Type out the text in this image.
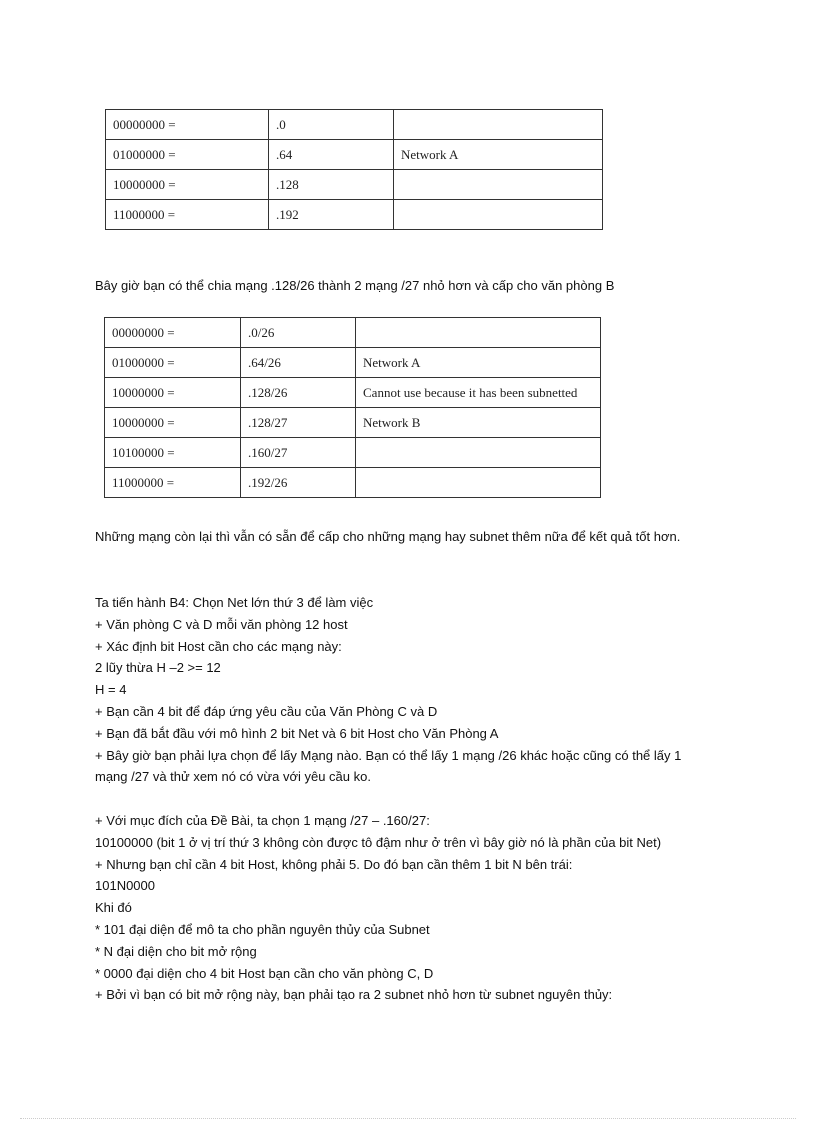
00000000 =	.0	
01000000 =	.64	Network A
10000000 =	.128	
11000000 =	.192	
Bây giờ bạn có thể chia mạng .128/26 thành 2 mạng /27 nhỏ hơn và cấp cho văn phòng B
00000000 =	.0/26	
01000000 =	.64/26	Network A
10000000 =	.128/26	Cannot use because it has been subnetted
10000000 =	.128/27	Network B
10100000 =	.160/27	
11000000 =	.192/26	
Những mạng còn lại thì vẫn có sẵn để cấp cho những mạng hay subnet thêm nữa để kết quả tốt hơn.
Ta tiến hành B4: Chọn Net lớn thứ 3 để làm việc
+ Văn phòng C và D mỗi văn phòng 12 host
+ Xác định bit Host cần cho các mạng này:
2 lũy thừa H –2 >= 12
H = 4
+ Bạn cần 4 bit để đáp ứng yêu cầu của Văn Phòng C và D
+ Bạn đã bắt đầu với mô hình 2 bit Net và 6 bit Host cho Văn Phòng A
+ Bây giờ bạn phải lựa chọn để lấy Mạng nào. Bạn có thể lấy 1 mạng /26 khác hoặc cũng có thể lấy 1
mạng /27 và thử xem nó có vừa với yêu cầu ko.
+ Với mục đích của Đề Bài, ta chọn 1 mạng /27 – .160/27:
10100000 (bit 1 ở vị trí thứ 3 không còn được tô đậm như ở trên vì bây giờ nó là phần của bit Net)
+ Nhưng bạn chỉ cần 4 bit Host, không phải 5. Do đó bạn cần thêm 1 bit N bên trái:
101N0000
Khi đó
* 101 đại diện để mô ta cho phần nguyên thủy của Subnet
* N đại diện cho bit mở rộng
* 0000 đại diện cho 4 bit Host bạn cần cho văn phòng C, D
+ Bởi vì bạn có bit mở rộng này, bạn phải tạo ra 2 subnet nhỏ hơn từ subnet nguyên thủy:
